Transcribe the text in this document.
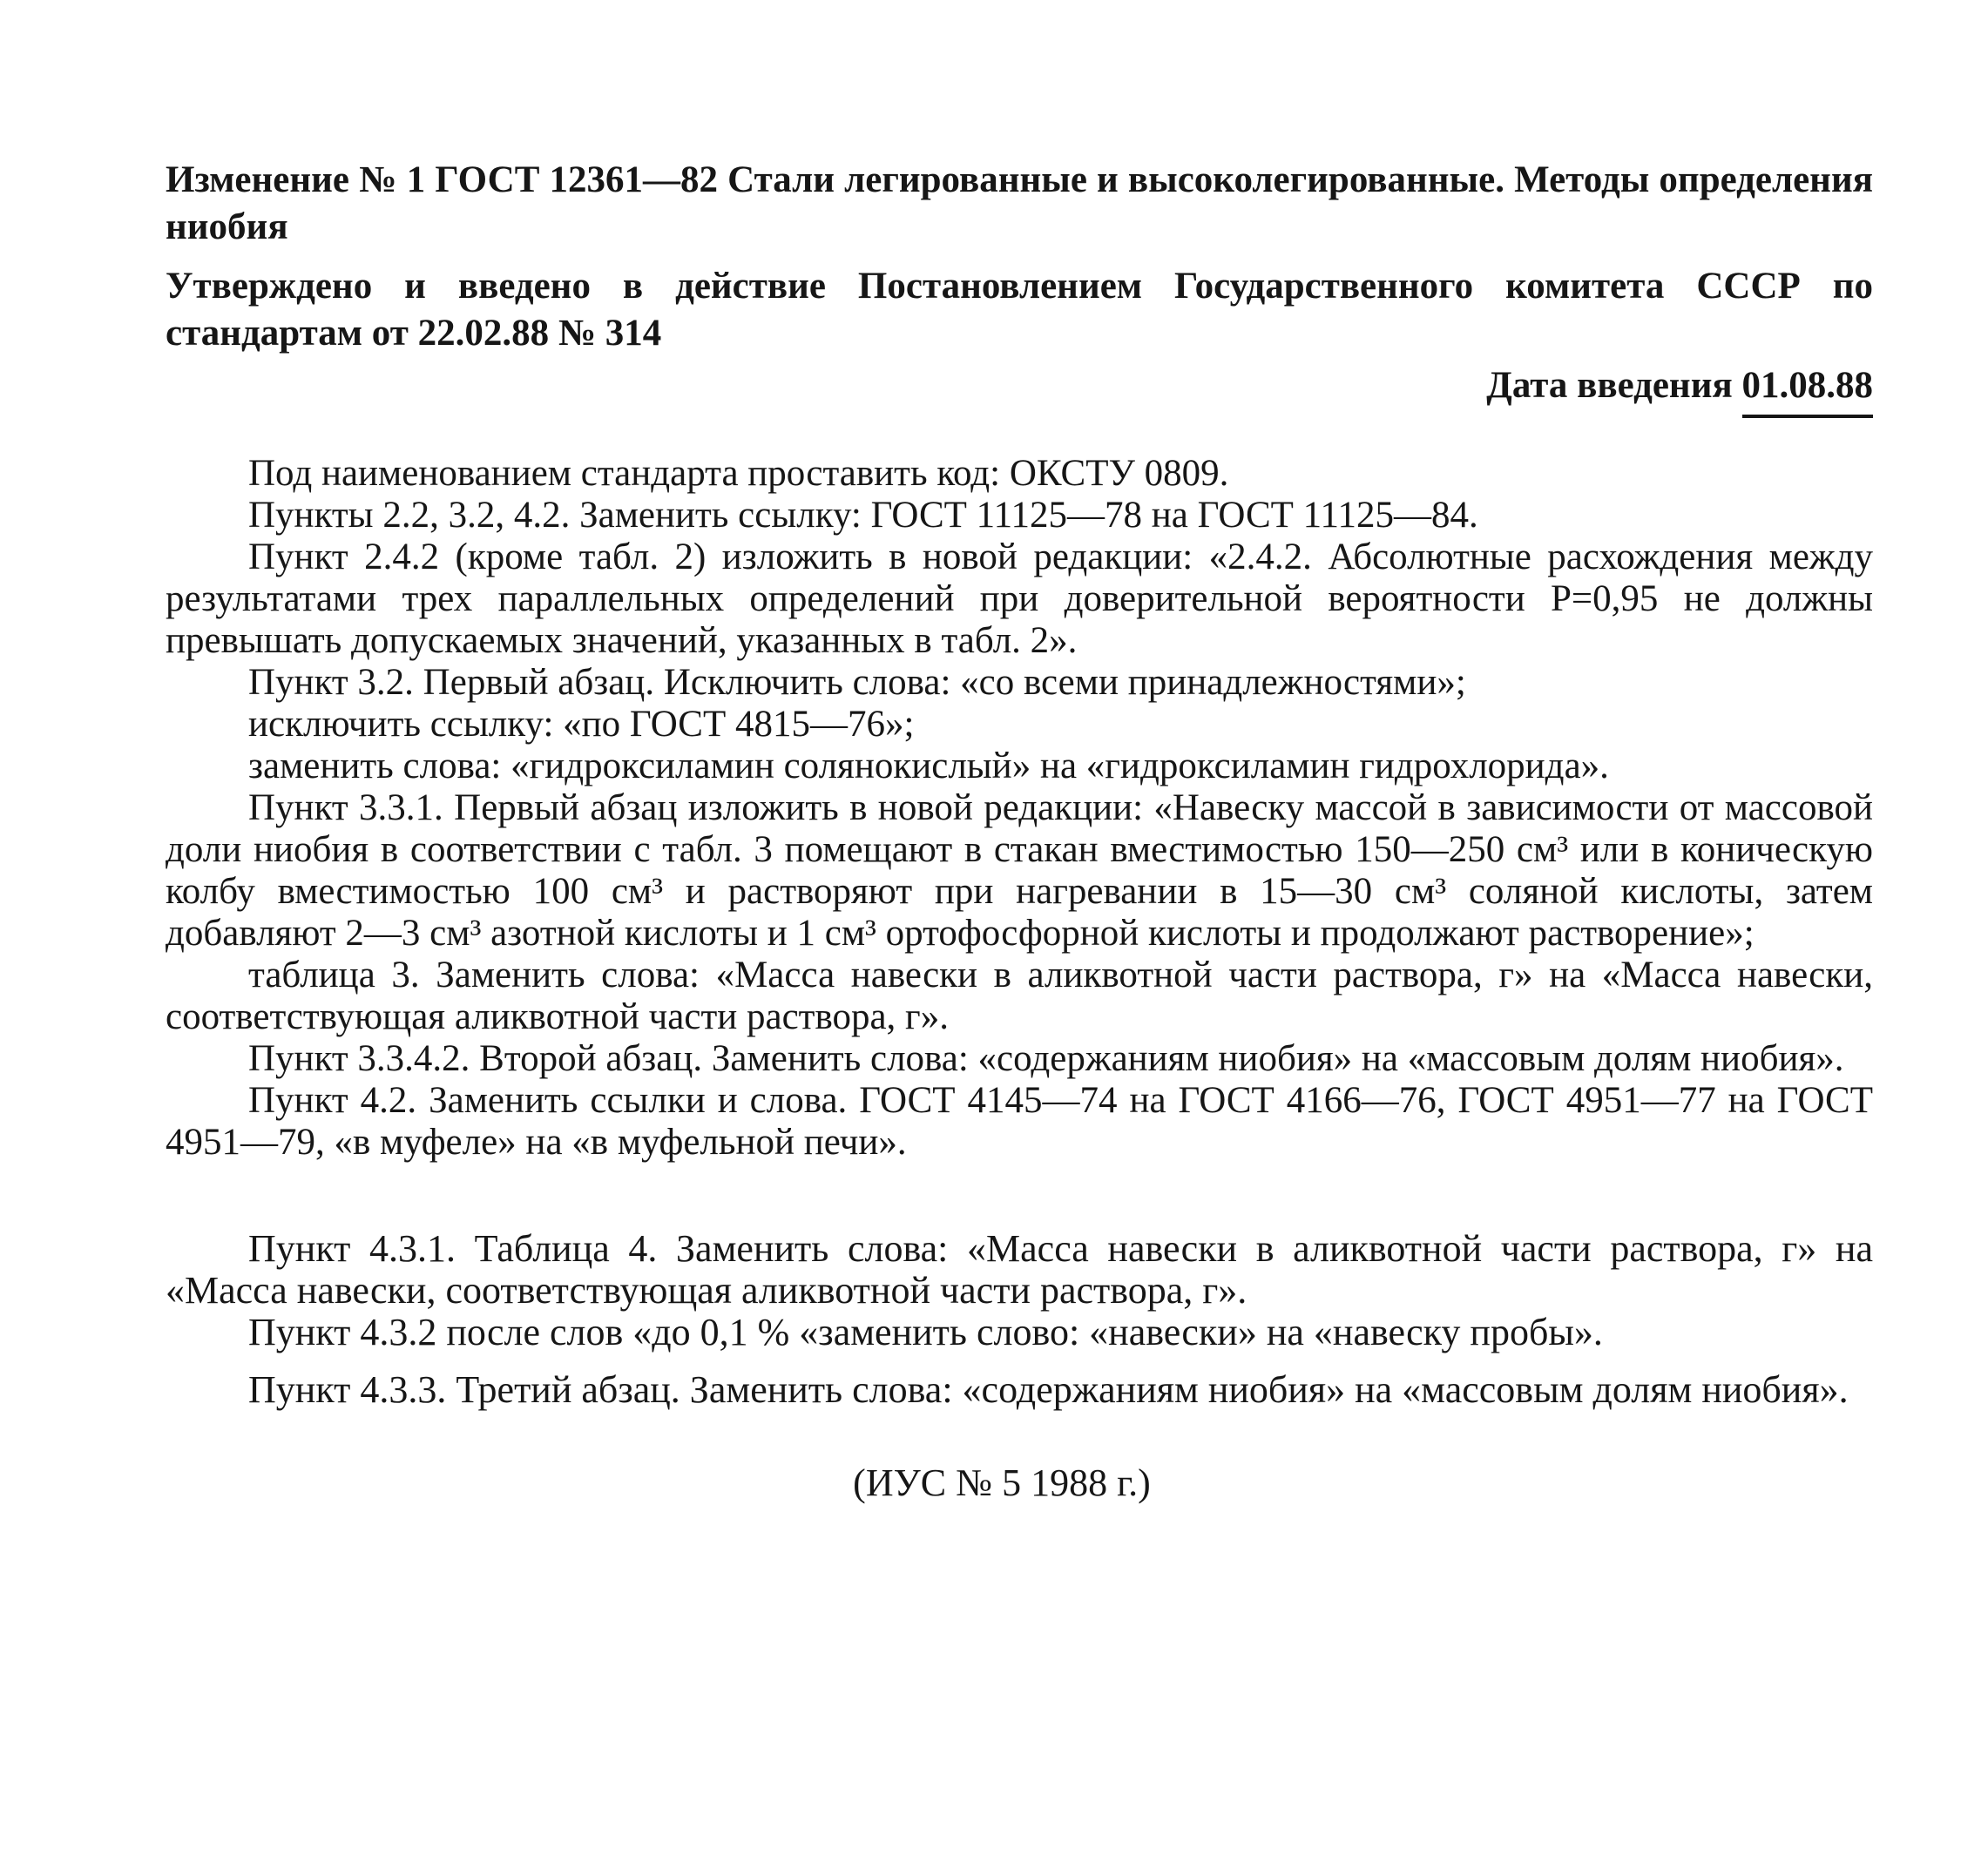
Изменение № 1 ГОСТ 12361—82 Стали легированные и высоколегированные. Методы определения ниобия

Утверждено и введено в действие Постановлением Государственного комитета СССР по стандартам от 22.02.88 № 314

Дата введения 01.08.88

Под наименованием стандарта проставить код: ОКСТУ 0809.

Пункты 2.2, 3.2, 4.2. Заменить ссылку: ГОСТ 11125—78 на ГОСТ 11125—84.

Пункт 2.4.2 (кроме табл. 2) изложить в новой редакции: «2.4.2. Абсолютные расхождения между результатами трех параллельных определений при доверительной вероятности P=0,95 не должны превышать допускаемых значений, указанных в табл. 2».

Пункт 3.2. Первый абзац. Исключить слова: «со всеми принадлежностями»;

исключить ссылку: «по ГОСТ 4815—76»;

заменить слова: «гидроксиламин солянокислый» на «гидроксиламин гидрохлорида».

Пункт 3.3.1. Первый абзац изложить в новой редакции: «Навеску массой в зависимости от массовой доли ниобия в соответствии с табл. 3 помещают в стакан вместимостью 150—250 см³ или в коническую колбу вместимостью 100 см³ и растворяют при нагревании в 15—30 см³ соляной кислоты, затем добавляют 2—3 см³ азотной кислоты и 1 см³ ортофосфорной кислоты и продолжают растворение»;

таблица 3. Заменить слова: «Масса навески в аликвотной части раствора, г» на «Масса навески, соответствующая аликвотной части раствора, г».

Пункт 3.3.4.2. Второй абзац. Заменить слова: «содержаниям ниобия» на «массовым долям ниобия».

Пункт 4.2. Заменить ссылки и слова. ГОСТ 4145—74 на ГОСТ 4166—76, ГОСТ 4951—77 на ГОСТ 4951—79, «в муфеле» на «в муфельной печи».

Пункт 4.3.1. Таблица 4. Заменить слова: «Масса навески в аликвотной части раствора, г» на «Масса навески, соответствующая аликвотной части раствора, г».

Пункт 4.3.2 после слов «до 0,1 % «заменить слово: «навески» на «навеску пробы».

Пункт 4.3.3. Третий абзац. Заменить слова: «содержаниям ниобия» на «массовым долям ниобия».

(ИУС № 5 1988 г.)
